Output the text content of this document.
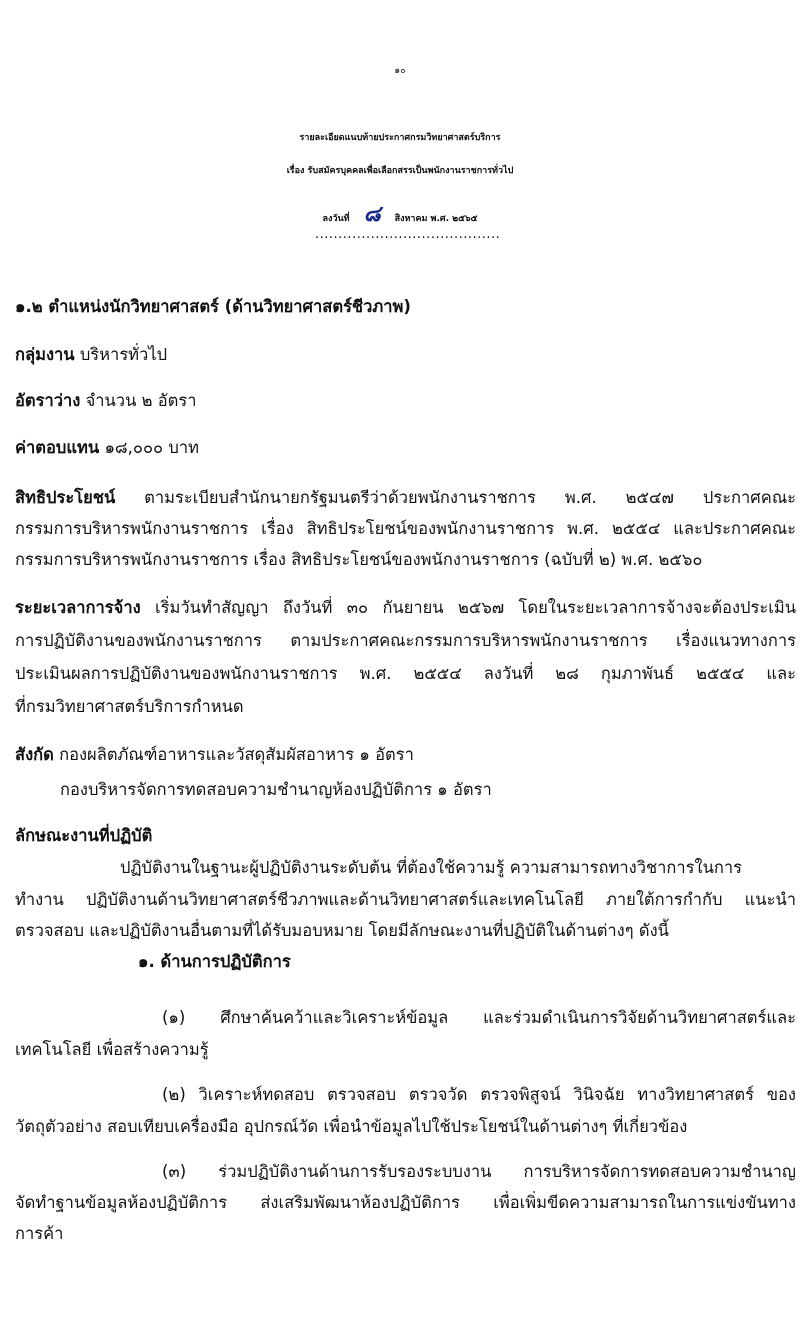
๑๐
รายละเอียดแนบท้ายประกาศกรมวิทยาศาสตร์บริการ
เรื่อง รับสมัครบุคคลเพื่อเลือกสรรเป็นพนักงานราชการทั่วไป
ลงวันที่ ๘ สิงหาคม พ.ศ. ๒๕๖๕
........................................
๑.๒ ตำแหน่งนักวิทยาศาสตร์ (ด้านวิทยาศาสตร์ชีวภาพ)
กลุ่มงาน บริหารทั่วไป
อัตราว่าง จำนวน ๒ อัตรา
ค่าตอบแทน ๑๘,๐๐๐ บาท
สิทธิประโยชน์ ตามระเบียบสำนักนายกรัฐมนตรีว่าด้วยพนักงานราชการ พ.ศ. ๒๕๔๗ ประกาศคณะ
กรรมการบริหารพนักงานราชการ เรื่อง สิทธิประโยชน์ของพนักงานราชการ พ.ศ. ๒๕๕๔ และประกาศคณะ
กรรมการบริหารพนักงานราชการ เรื่อง สิทธิประโยชน์ของพนักงานราชการ (ฉบับที่ ๒) พ.ศ. ๒๕๖๐
ระยะเวลาการจ้าง เริ่มวันทำสัญญา ถึงวันที่ ๓๐ กันยายน ๒๕๖๗ โดยในระยะเวลาการจ้างจะต้องประเมิน
การปฏิบัติงานของพนักงานราชการ ตามประกาศคณะกรรมการบริหารพนักงานราชการ เรื่องแนวทางการ
ประเมินผลการปฏิบัติงานของพนักงานราชการ พ.ศ. ๒๕๕๔ ลงวันที่ ๒๘ กุมภาพันธ์ ๒๕๕๔ และ
ที่กรมวิทยาศาสตร์บริการกำหนด
สังกัด กองผลิตภัณฑ์อาหารและวัสดุสัมผัสอาหาร ๑ อัตรา
กองบริหารจัดการทดสอบความชำนาญห้องปฏิบัติการ ๑ อัตรา
ลักษณะงานที่ปฏิบัติ
ปฏิบัติงานในฐานะผู้ปฏิบัติงานระดับต้น ที่ต้องใช้ความรู้ ความสามารถทางวิชาการในการ
ทำงาน ปฏิบัติงานด้านวิทยาศาสตร์ชีวภาพและด้านวิทยาศาสตร์และเทคโนโลยี ภายใต้การกำกับ แนะนำ
ตรวจสอบ และปฏิบัติงานอื่นตามที่ได้รับมอบหมาย โดยมีลักษณะงานที่ปฏิบัติในด้านต่างๆ ดังนี้
๑. ด้านการปฏิบัติการ
(๑) ศึกษาค้นคว้าและวิเคราะห์ข้อมูล และร่วมดำเนินการวิจัยด้านวิทยาศาสตร์และ
เทคโนโลยี เพื่อสร้างความรู้
(๒) วิเคราะห์ทดสอบ ตรวจสอบ ตรวจวัด ตรวจพิสูจน์ วินิจฉัย ทางวิทยาศาสตร์ ของ
วัตถุตัวอย่าง สอบเทียบเครื่องมือ อุปกรณ์วัด เพื่อนำข้อมูลไปใช้ประโยชน์ในด้านต่างๆ ที่เกี่ยวข้อง
(๓) ร่วมปฏิบัติงานด้านการรับรองระบบงาน การบริหารจัดการทดสอบความชำนาญ
จัดทำฐานข้อมูลห้องปฏิบัติการ ส่งเสริมพัฒนาห้องปฏิบัติการ เพื่อเพิ่มขีดความสามารถในการแข่งขันทาง
การค้า
